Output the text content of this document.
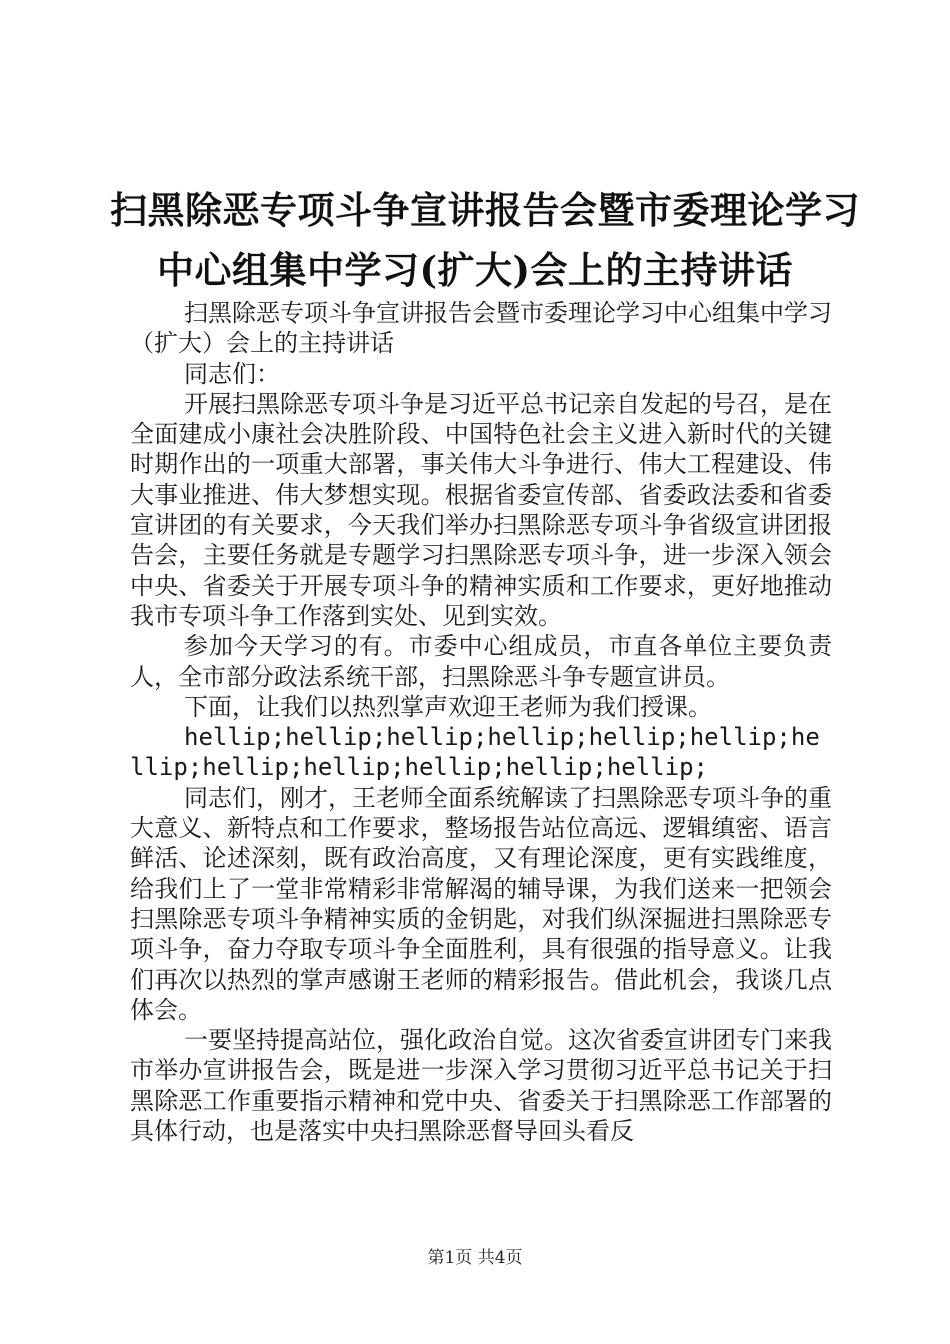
扫黑除恶专项斗争宣讲报告会暨市委理论学习
中心组集中学习(扩大)会上的主持讲话

扫黑除恶专项斗争宣讲报告会暨市委理论学习中心组集中学习（扩大）会上的主持讲话

同志们：

开展扫黑除恶专项斗争是习近平总书记亲自发起的号召，是在全面建成小康社会决胜阶段、中国特色社会主义进入新时代的关键时期作出的一项重大部署，事关伟大斗争进行、伟大工程建设、伟大事业推进、伟大梦想实现。根据省委宣传部、省委政法委和省委宣讲团的有关要求，今天我们举办扫黑除恶专项斗争省级宣讲团报告会，主要任务就是专题学习扫黑除恶专项斗争，进一步深入领会中央、省委关于开展专项斗争的精神实质和工作要求，更好地推动我市专项斗争工作落到实处、见到实效。

参加今天学习的有。市委中心组成员，市直各单位主要负责人，全市部分政法系统干部，扫黑除恶斗争专题宣讲员。

下面，让我们以热烈掌声欢迎王老师为我们授课。

hellip;hellip;hellip;hellip;hellip;hellip;hellip;hellip;hellip;hellip;hellip;hellip;

同志们，刚才，王老师全面系统解读了扫黑除恶专项斗争的重大意义、新特点和工作要求，整场报告站位高远、逻辑缜密、语言鲜活、论述深刻，既有政治高度，又有理论深度，更有实践维度，给我们上了一堂非常精彩非常解渴的辅导课，为我们送来一把领会扫黑除恶专项斗争精神实质的金钥匙，对我们纵深掘进扫黑除恶专项斗争，奋力夺取专项斗争全面胜利，具有很强的指导意义。让我们再次以热烈的掌声感谢王老师的精彩报告。借此机会，我谈几点体会。

一要坚持提高站位，强化政治自觉。这次省委宣讲团专门来我市举办宣讲报告会，既是进一步深入学习贯彻习近平总书记关于扫黑除恶工作重要指示精神和党中央、省委关于扫黑除恶工作部署的具体行动，也是落实中央扫黑除恶督导回头看反

第1页 共4页
